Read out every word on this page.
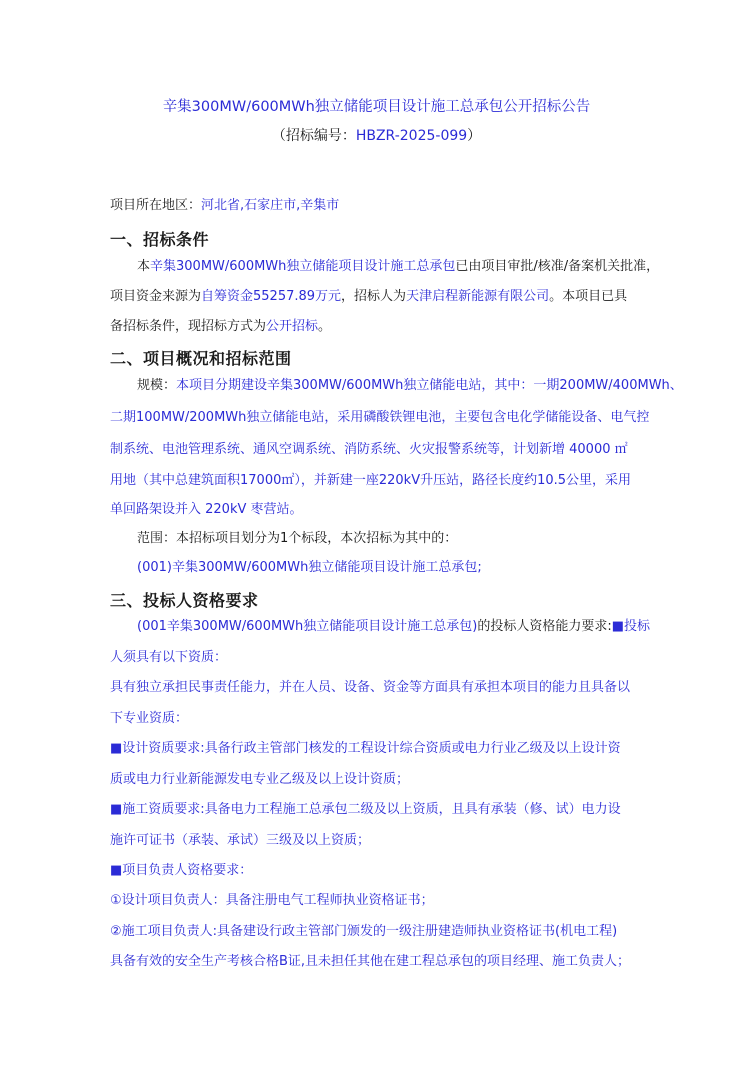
辛集300MW/600MWh独立储能项目设计施工总承包公开招标公告
（招标编号：HBZR-2025-099）
项目所在地区：河北省,石家庄市,辛集市
一、招标条件
本辛集300MW/600MWh独立储能项目设计施工总承包已由项目审批/核准/备案机关批准，
项目资金来源为自筹资金55257.89万元，招标人为天津启程新能源有限公司。本项目已具
备招标条件，现招标方式为公开招标。
二、项目概况和招标范围
规模：本项目分期建设辛集300MW/600MWh独立储能电站，其中：一期200MW/400MWh、
二期100MW/200MWh独立储能电站，采用磷酸铁锂电池，主要包含电化学储能设备、电气控
制系统、电池管理系统、通风空调系统、消防系统、火灾报警系统等，计划新增 40000 ㎡
用地（其中总建筑面积17000㎡），并新建一座220kV升压站，路径长度约10.5公里，采用
单回路架设并入 220kV 枣营站。
范围：本招标项目划分为1个标段，本次招标为其中的：
(001)辛集300MW/600MWh独立储能项目设计施工总承包;
三、投标人资格要求
(001辛集300MW/600MWh独立储能项目设计施工总承包)的投标人资格能力要求:■投标
人须具有以下资质：
具有独立承担民事责任能力，并在人员、设备、资金等方面具有承担本项目的能力且具备以
下专业资质：
■设计资质要求:具备行政主管部门核发的工程设计综合资质或电力行业乙级及以上设计资
质或电力行业新能源发电专业乙级及以上设计资质；
■施工资质要求:具备电力工程施工总承包二级及以上资质，且具有承装（修、试）电力设
施许可证书（承装、承试）三级及以上资质；
■项目负责人资格要求：
①设计项目负责人：具备注册电气工程师执业资格证书；
②施工项目负责人:具备建设行政主管部门颁发的一级注册建造师执业资格证书(机电工程)
具备有效的安全生产考核合格B证,且未担任其他在建工程总承包的项目经理、施工负责人；
